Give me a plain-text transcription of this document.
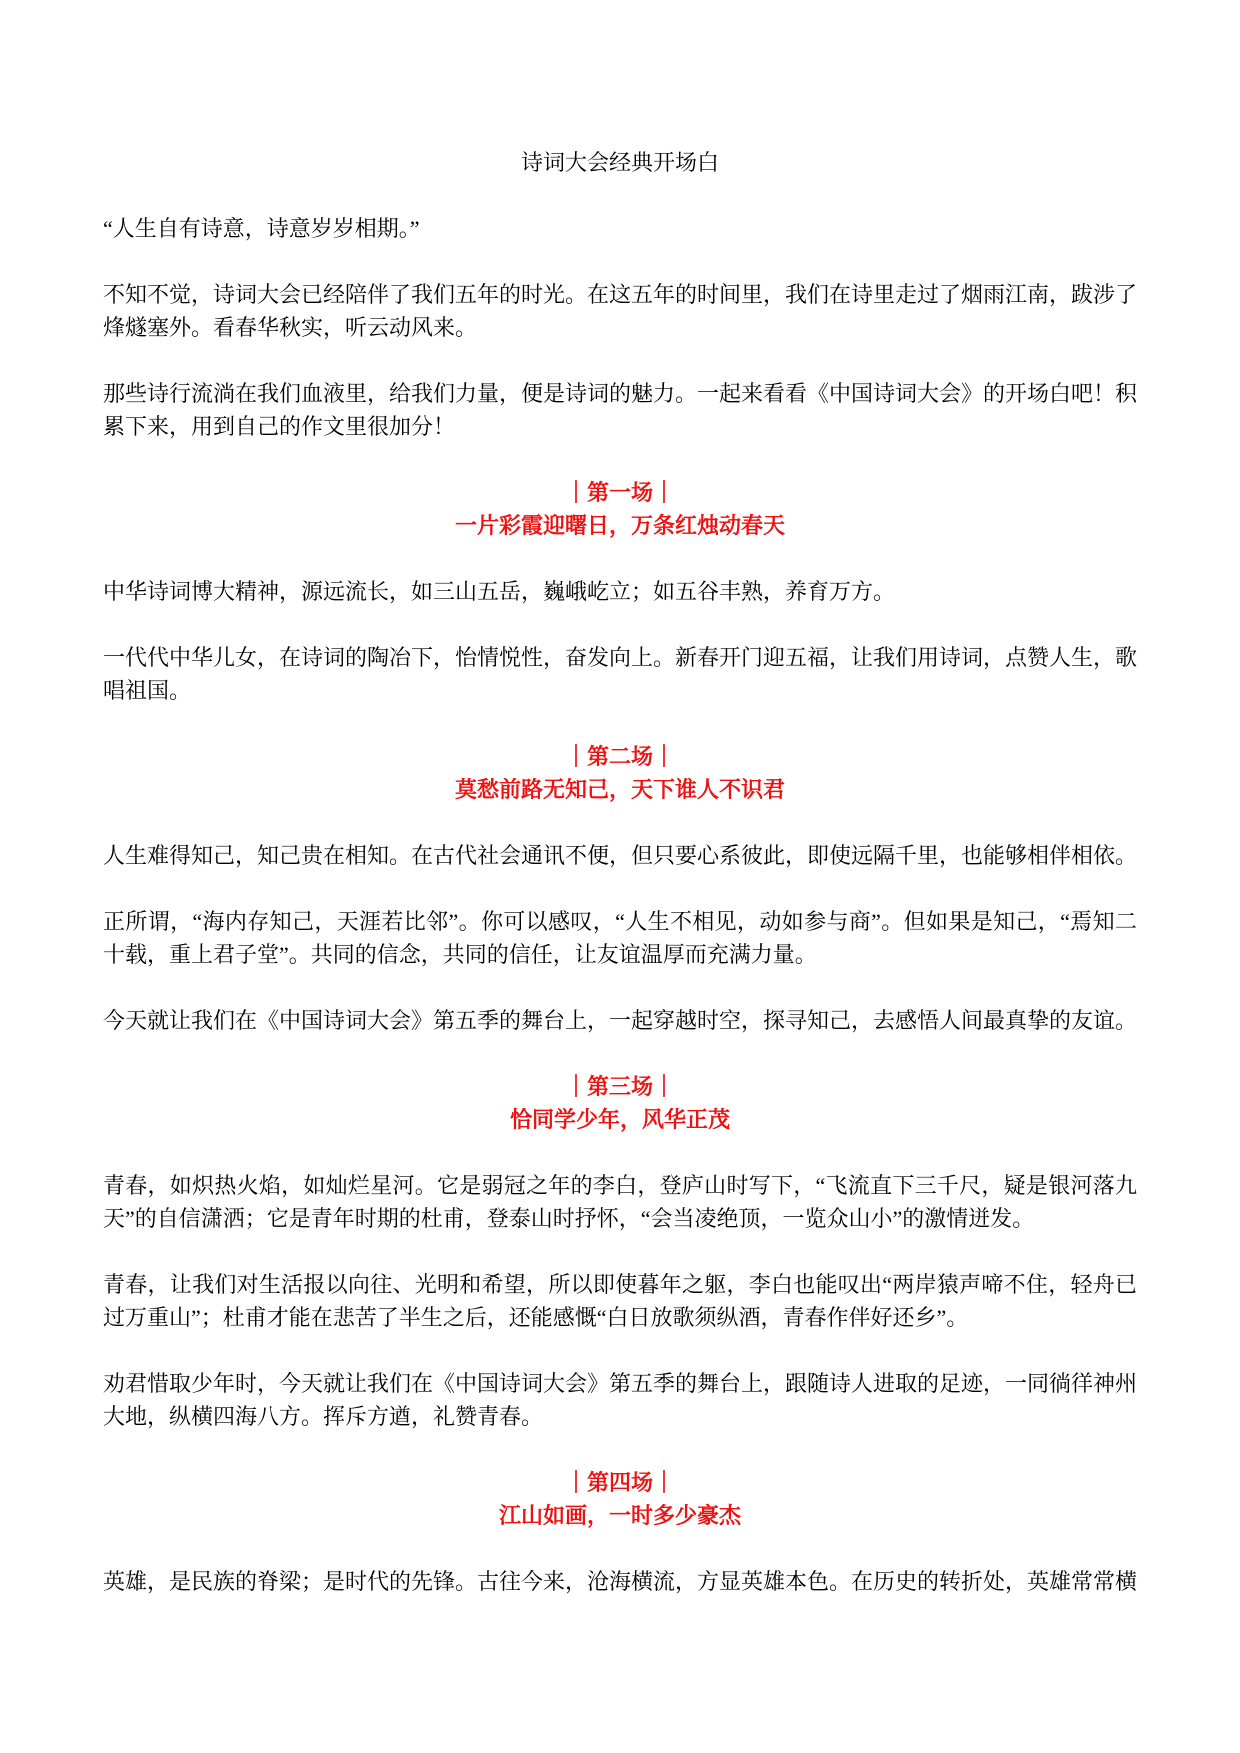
诗词大会经典开场白

“人生自有诗意，诗意岁岁相期。”

不知不觉，诗词大会已经陪伴了我们五年的时光。在这五年的时间里，我们在诗里走过了烟雨江南，跋涉了烽燧塞外。看春华秋实，听云动风来。

那些诗行流淌在我们血液里，给我们力量，便是诗词的魅力。一起来看看《中国诗词大会》的开场白吧！积累下来，用到自己的作文里很加分！

｜第一场｜

一片彩霞迎曙日，万条红烛动春天

中华诗词博大精神，源远流长，如三山五岳，巍峨屹立；如五谷丰熟，养育万方。

一代代中华儿女，在诗词的陶冶下，怡情悦性，奋发向上。新春开门迎五福，让我们用诗词，点赞人生，歌唱祖国。

｜第二场｜

莫愁前路无知己，天下谁人不识君

人生难得知己，知己贵在相知。在古代社会通讯不便，但只要心系彼此，即使远隔千里，也能够相伴相依。

正所谓，“海内存知己，天涯若比邻”。你可以感叹，“人生不相见，动如参与商”。但如果是知己，“焉知二十载，重上君子堂”。共同的信念，共同的信任，让友谊温厚而充满力量。

今天就让我们在《中国诗词大会》第五季的舞台上，一起穿越时空，探寻知己，去感悟人间最真挚的友谊。

｜第三场｜

恰同学少年，风华正茂

青春，如炽热火焰，如灿烂星河。它是弱冠之年的李白，登庐山时写下，“飞流直下三千尺，疑是银河落九天”的自信潇洒；它是青年时期的杜甫，登泰山时抒怀，“会当凌绝顶，一览众山小”的激情迸发。

青春，让我们对生活报以向往、光明和希望，所以即使暮年之躯，李白也能叹出“两岸猿声啼不住，轻舟已过万重山”；杜甫才能在悲苦了半生之后，还能感慨“白日放歌须纵酒，青春作伴好还乡”。

劝君惜取少年时，今天就让我们在《中国诗词大会》第五季的舞台上，跟随诗人进取的足迹，一同徜徉神州大地，纵横四海八方。挥斥方遒，礼赞青春。

｜第四场｜

江山如画，一时多少豪杰

英雄，是民族的脊梁；是时代的先锋。古往今来，沧海横流，方显英雄本色。在历史的转折处，英雄常常横
